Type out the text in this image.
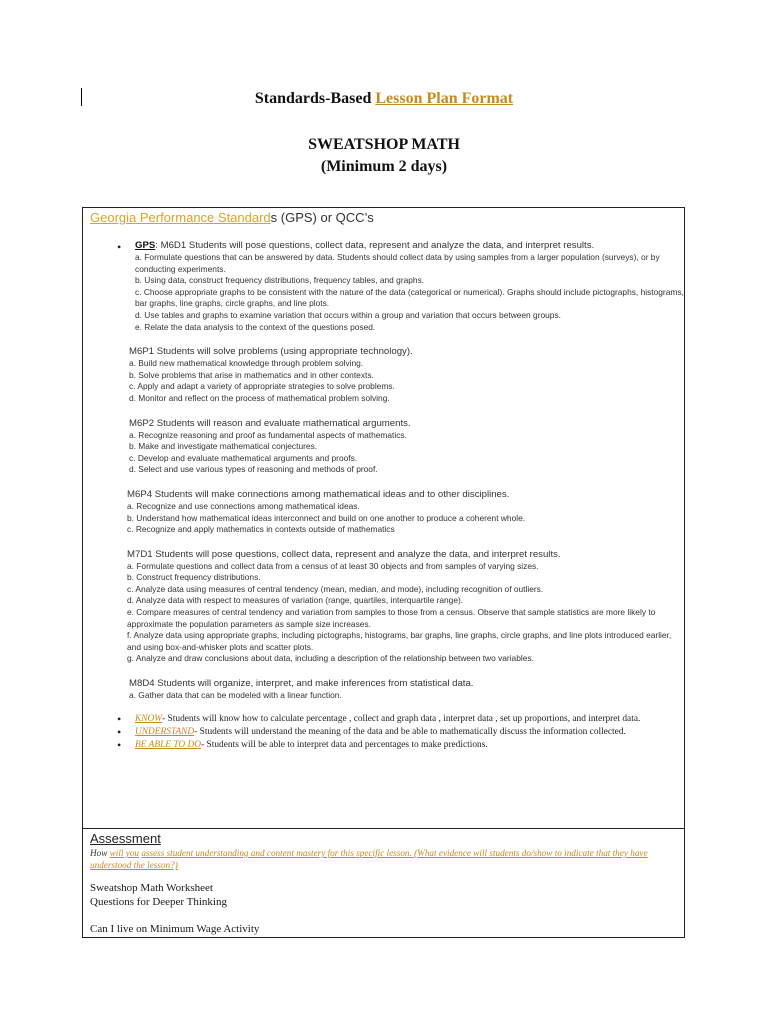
Standards-Based Lesson Plan Format
SWEATSHOP MATH
(Minimum 2 days)
Georgia Performance Standards (GPS) or QCC’s
• GPS: M6D1 Students will pose questions, collect data, represent and analyze the data, and interpret results.
a. Formulate questions that can be answered by data. Students should collect data by using samples from a larger population (surveys), or by conducting experiments.
b. Using data, construct frequency distributions, frequency tables, and graphs.
c. Choose appropriate graphs to be consistent with the nature of the data (categorical or numerical). Graphs should include pictographs, histograms, bar graphs, line graphs, circle graphs, and line plots.
d. Use tables and graphs to examine variation that occurs within a group and variation that occurs between groups.
e. Relate the data analysis to the context of the questions posed.
M6P1 Students will solve problems (using appropriate technology).
a. Build new mathematical knowledge through problem solving.
b. Solve problems that arise in mathematics and in other contexts.
c. Apply and adapt a variety of appropriate strategies to solve problems.
d. Monitor and reflect on the process of mathematical problem solving.
M6P2 Students will reason and evaluate mathematical arguments.
a. Recognize reasoning and proof as fundamental aspects of mathematics.
b. Make and investigate mathematical conjectures.
c. Develop and evaluate mathematical arguments and proofs.
d. Select and use various types of reasoning and methods of proof.
M6P4 Students will make connections among mathematical ideas and to other disciplines.
a. Recognize and use connections among mathematical ideas.
b. Understand how mathematical ideas interconnect and build on one another to produce a coherent whole.
c. Recognize and apply mathematics in contexts outside of mathematics
M7D1 Students will pose questions, collect data, represent and analyze the data, and interpret results.
a. Formulate questions and collect data from a census of at least 30 objects and from samples of varying sizes.
b. Construct frequency distributions.
c. Analyze data using measures of central tendency (mean, median, and mode), including recognition of outliers.
d. Analyze data with respect to measures of variation (range, quartiles, interquartile range).
e. Compare measures of central tendency and variation from samples to those from a census. Observe that sample statistics are more likely to approximate the population parameters as sample size increases.
f. Analyze data using appropriate graphs, including pictographs, histograms, bar graphs, line graphs, circle graphs, and line plots introduced earlier, and using box-and-whisker plots and scatter plots.
g. Analyze and draw conclusions about data, including a description of the relationship between two variables.
M8D4 Students will organize, interpret, and make inferences from statistical data.
a. Gather data that can be modeled with a linear function.
• KNOW- Students will know how to calculate percentage , collect and graph data , interpret data , set up proportions, and interpret data.
• UNDERSTAND- Students will understand the meaning of the data and be able to mathematically discuss the information collected.
• BE ABLE TO DO- Students will be able to interpret data and percentages to make predictions.
Assessment
How will you assess student understanding and content mastery for this specific lesson. (What evidence will students do/show to indicate that they have understood the lesson?)
Sweatshop Math Worksheet
Questions for Deeper Thinking
Can I live on Minimum Wage Activity
